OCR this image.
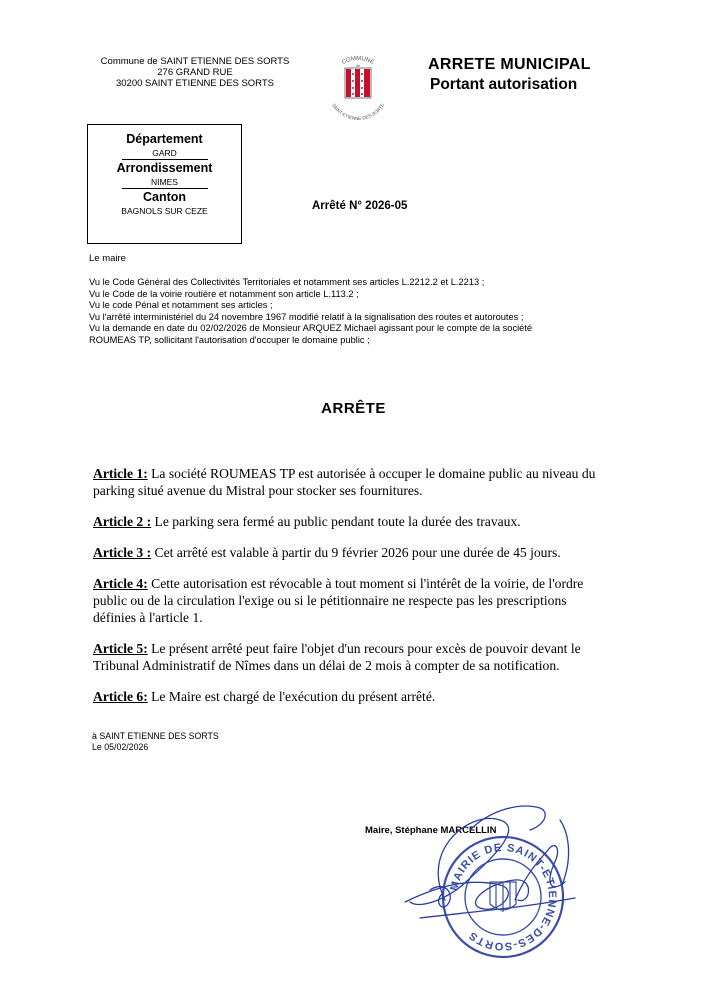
Commune de SAINT ETIENNE DES SORTS
276 GRAND RUE
30200 SAINT ETIENNE DES SORTS
COMMUNE
SAINT-ETIENNE-DES-SORTS
de	ARRETE MUNICIPAL
Portant autorisation
Département
GARD
Arrondissement
NIMES
Canton
BAGNOLS SUR CEZE	Arrêté N° 2026-05
Le maire
Vu le Code Général des Collectivités Territoriales et notamment ses articles L.2212.2 et L.2213 ;
Vu le Code de la voirie routière et notamment son article L.113.2 ;
Vu le code Pénal et notamment ses articles ;
Vu l'arrêté interministériel du 24 novembre 1967 modifié relatif à la signalisation des routes et autoroutes ;
Vu la demande en date du 02/02/2026 de Monsieur ARQUEZ Michael agissant pour le compte de la société
ROUMEAS TP, sollicitant l'autorisation d'occuper le domaine public ;
ARRÊTE
Article 1: La société ROUMEAS TP est autorisée à occuper le domaine public au niveau du
parking situé avenue du Mistral pour stocker ses fournitures.
Article 2 : Le parking sera fermé au public pendant toute la durée des travaux.
Article 3 : Cet arrêté est valable à partir du 9 février 2026 pour une durée de 45 jours.
Article 4: Cette autorisation est révocable à tout moment si l'intérêt de la voirie, de l'ordre
public ou de la circulation l'exige ou si le pétitionnaire ne respecte pas les prescriptions
définies à l'article 1.
Article 5: Le présent arrêté peut faire l'objet d'un recours pour excès de pouvoir devant le
Tribunal Administratif de Nîmes dans un délai de 2 mois à compter de sa notification.
Article 6: Le Maire est chargé de l'exécution du présent arrêté.
à SAINT ETIENNE DES SORTS
Le 05/02/2026
Maire, Stéphane MARCELLIN
MAIRIE DE SAINT-ETIENNE-DES-SORTS
